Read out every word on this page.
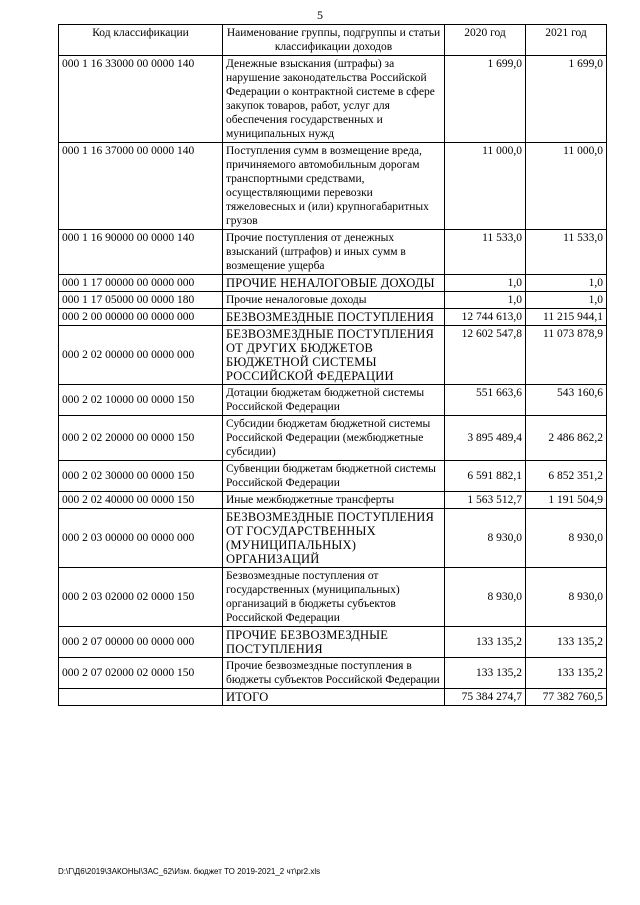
5
Код классификации	Наименование группы, подгруппы и статьи классификации доходов	2020 год	2021 год
000 1 16 33000 00 0000 140	Денежные взыскания (штрафы) за нарушение законодательства Российской Федерации о контрактной системе в сфере закупок товаров, работ, услуг для обеспечения государственных и муниципальных нужд	1 699,0	1 699,0
000 1 16 37000 00 0000 140	Поступления сумм в возмещение вреда, причиняемого автомобильным дорогам транспортными средствами, осуществляющими перевозки тяжеловесных и (или) крупногабаритных грузов	11 000,0	11 000,0
000 1 16 90000 00 0000 140	Прочие поступления от денежных взысканий (штрафов) и иных сумм в возмещение ущерба	11 533,0	11 533,0
000 1 17 00000 00 0000 000	ПРОЧИЕ НЕНАЛОГОВЫЕ ДОХОДЫ	1,0	1,0
000 1 17 05000 00 0000 180	Прочие неналоговые доходы	1,0	1,0
000 2 00 00000 00 0000 000	БЕЗВОЗМЕЗДНЫЕ ПОСТУПЛЕНИЯ	12 744 613,0	11 215 944,1
000 2 02 00000 00 0000 000	БЕЗВОЗМЕЗДНЫЕ ПОСТУПЛЕНИЯ ОТ ДРУГИХ БЮДЖЕТОВ БЮДЖЕТНОЙ СИСТЕМЫ РОССИЙСКОЙ ФЕДЕРАЦИИ	12 602 547,8	11 073 878,9
000 2 02 10000 00 0000 150	Дотации бюджетам бюджетной системы Российской Федерации	551 663,6	543 160,6
000 2 02 20000 00 0000 150	Субсидии бюджетам бюджетной системы Российской Федерации (межбюджетные субсидии)	3 895 489,4	2 486 862,2
000 2 02 30000 00 0000 150	Субвенции бюджетам бюджетной системы Российской Федерации	6 591 882,1	6 852 351,2
000 2 02 40000 00 0000 150	Иные межбюджетные трансферты	1 563 512,7	1 191 504,9
000 2 03 00000 00 0000 000	БЕЗВОЗМЕЗДНЫЕ ПОСТУПЛЕНИЯ ОТ ГОСУДАРСТВЕННЫХ (МУНИЦИПАЛЬНЫХ) ОРГАНИЗАЦИЙ	8 930,0	8 930,0
000 2 03 02000 02 0000 150	Безвозмездные поступления от государственных (муниципальных) организаций в бюджеты субъектов Российской Федерации	8 930,0	8 930,0
000 2 07 00000 00 0000 000	ПРОЧИЕ БЕЗВОЗМЕЗДНЫЕ ПОСТУПЛЕНИЯ	133 135,2	133 135,2
000 2 07 02000 02 0000 150	Прочие безвозмездные поступления в бюджеты субъектов Российской Федерации	133 135,2	133 135,2
	ИТОГО	75 384 274,7	77 382 760,5
D:\Г\Д6\2019\ЗАКОНЫ\ЗАС_62\Изм. бюджет ТО 2019-2021_2 чт\рr2.xls
